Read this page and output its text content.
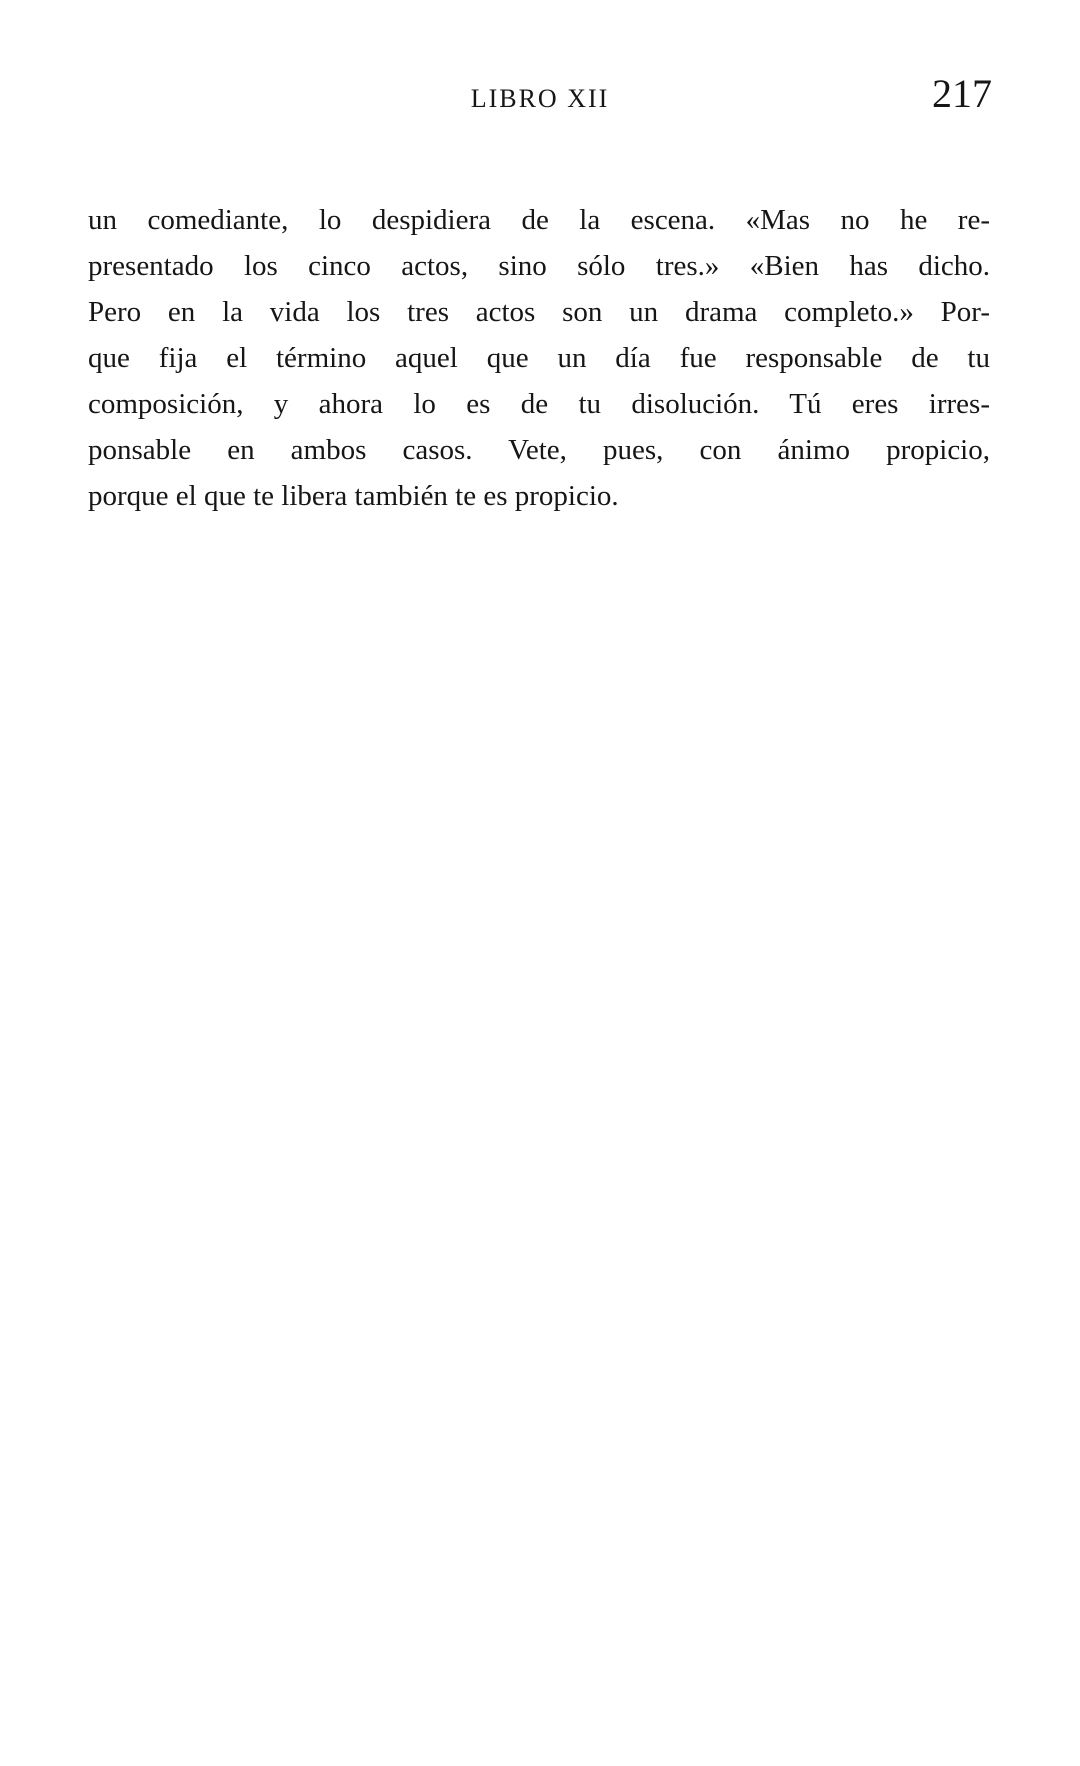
LIBRO XII	217
un comediante, lo despidiera de la escena. «Mas no he re-
presentado los cinco actos, sino sólo tres.» «Bien has dicho.
Pero en la vida los tres actos son un drama completo.» Por-
que fija el término aquel que un día fue responsable de tu
composición, y ahora lo es de tu disolución. Tú eres irres-
ponsable en ambos casos. Vete, pues, con ánimo propicio,
porque el que te libera también te es propicio.
